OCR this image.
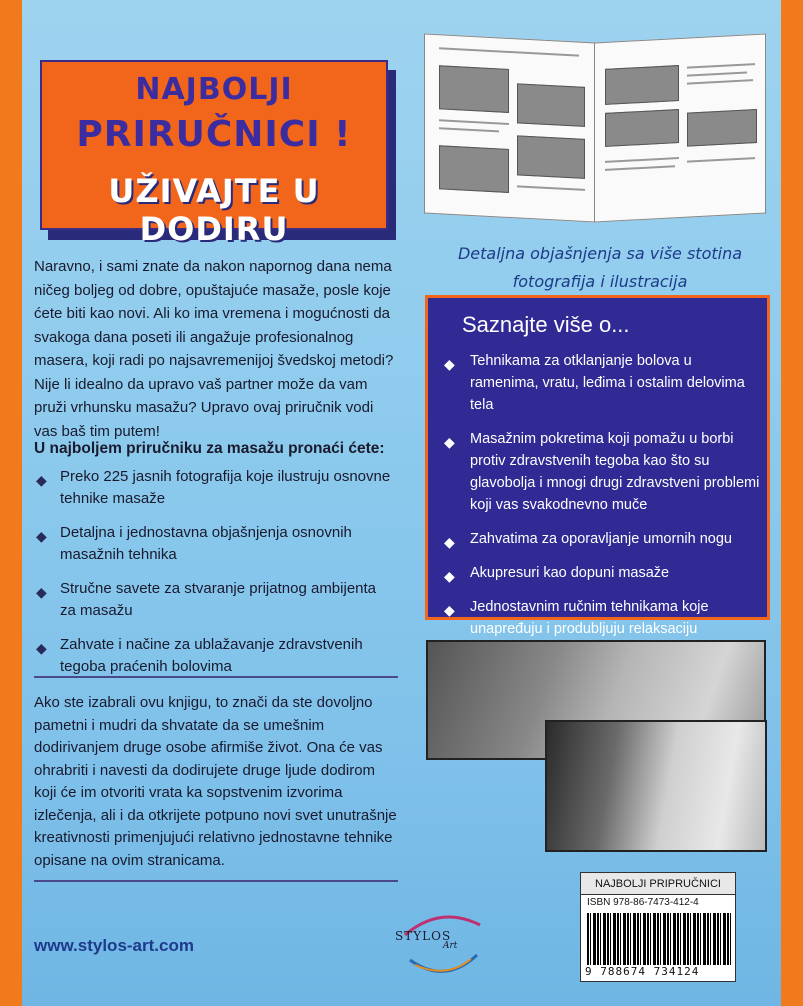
NAJBOLJI
PRIRUČNICI !
UŽIVAJTE U DODIRU
Detaljna objašnjenja sa više stotina
fotografija i ilustracija

Naravno, i sami znate da nakon napornog dana nema ničeg boljeg od dobre, opuštajuće masaže, posle koje ćete biti kao novi. Ali ko ima vremena i mogućnosti da svakoga dana poseti ili angažuje profesionalnog masera, koji radi po najsavremenijoj švedskoj metodi? Nije li idealno da upravo vaš partner može da vam pruži vrhunsku masažu? Upravo ovaj priručnik vodi vas baš tim putem!

U najboljem priručniku za masažu pronaći ćete:
◆ Preko 225 jasnih fotografija koje ilustruju osnovne tehnike masaže
◆ Detaljna i jednostavna objašnjenja osnovnih masažnih tehnika
◆ Stručne savete za stvaranje prijatnog ambijenta za masažu
◆ Zahvate i načine za ublažavanje zdravstvenih tegoba praćenih bolovima

Ako ste izabrali ovu knjigu, to znači da ste dovoljno pametni i mudri da shvatate da se umešnim dodirivanjem druge osobe afirmiše život. Ona će vas ohrabriti i navesti da dodirujete druge ljude dodirom koji će im otvoriti vrata ka sopstvenim izvorima izlečenja, ali i da otkrijete potpuno novi svet unutrašnje kreativnosti primenjujući relativno jednostavne tehnike opisane na ovim stranicama.

www.stylos-art.com
Saznajte više o...
◆ Tehnikama za otklanjanje bolova u ramenima, vratu, leđima i ostalim delovima tela
◆ Masažnim pokretima koji pomažu u borbi protiv zdravstvenih tegoba kao što su glavobolja i mnogi drugi zdravstveni problemi koji vas svakodnevno muče
◆ Zahvatima za oporavljanje umornih nogu
◆ Akupresuri kao dopuni masaže
◆ Jednostavnim ručnim tehnikama koje unapređuju i produbljuju relaksaciju
STYLOS
Art
NAJBOLJI PRIPRUČNICI
ISBN 978-86-7473-412-4
9 788674 734124
